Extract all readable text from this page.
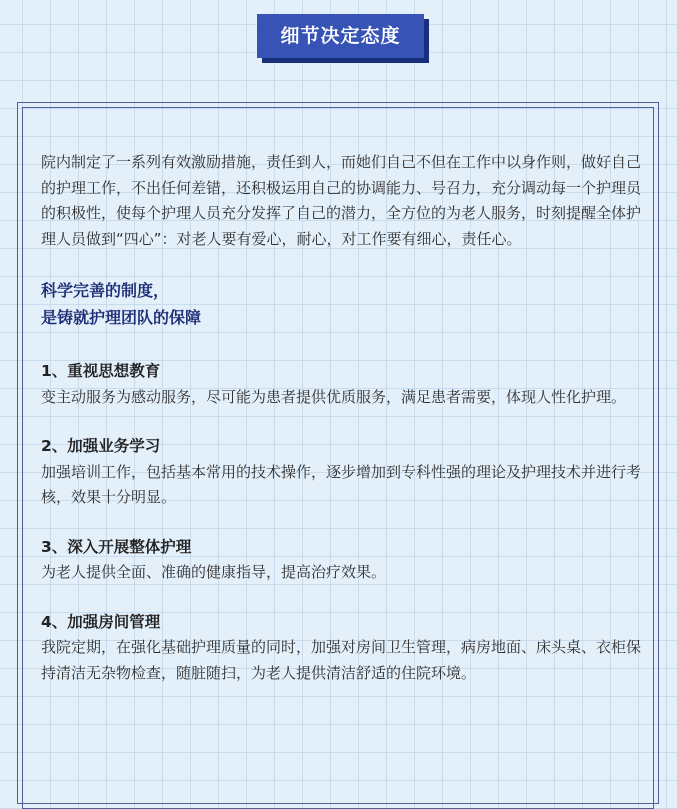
细节决定态度

院内制定了一系列有效激励措施，责任到人，而她们自己不但在工作中以身作则，做好自己的护理工作，不出任何差错，还积极运用自己的协调能力、号召力，充分调动每一个护理员的积极性，使每个护理人员充分发挥了自己的潜力，全方位的为老人服务，时刻提醒全体护理人员做到“四心”：对老人要有爱心，耐心，对工作要有细心，责任心。

科学完善的制度，
是铸就护理团队的保障

1、重视思想教育

变主动服务为感动服务，尽可能为患者提供优质服务，满足患者需要，体现人性化护理。

2、加强业务学习

加强培训工作，包括基本常用的技术操作，逐步增加到专科性强的理论及护理技术并进行考核，效果十分明显。

3、深入开展整体护理

为老人提供全面、准确的健康指导，提高治疗效果。

4、加强房间管理

我院定期，在强化基础护理质量的同时，加强对房间卫生管理，病房地面、床头桌、衣柜保持清洁无杂物检查，随脏随扫，为老人提供清洁舒适的住院环境。
